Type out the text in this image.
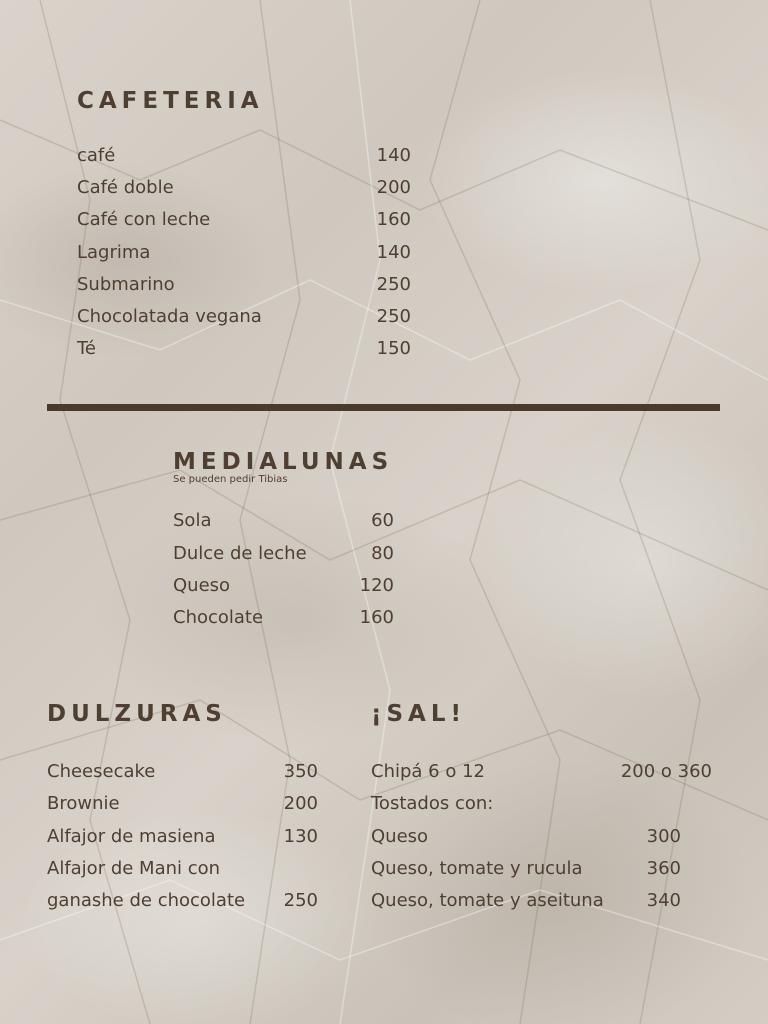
CAFETERIA
café	140
Café doble	200
Café con leche	160
Lagrima	140
Submarino	250
Chocolatada vegana	250
Té	150
MEDIALUNAS
Se pueden pedir Tibias
Sola	60
Dulce de leche	80
Queso	120
Chocolate	160
DULZURAS
Cheesecake	350
Brownie	200
Alfajor de masiena	130
Alfajor de Mani con
ganashe de chocolate 250
¡SAL!
Chipá 6 o 12	200 o 360
Tostados con:
Queso	300
Queso, tomate y rucula	360
Queso, tomate y aseituna 340
